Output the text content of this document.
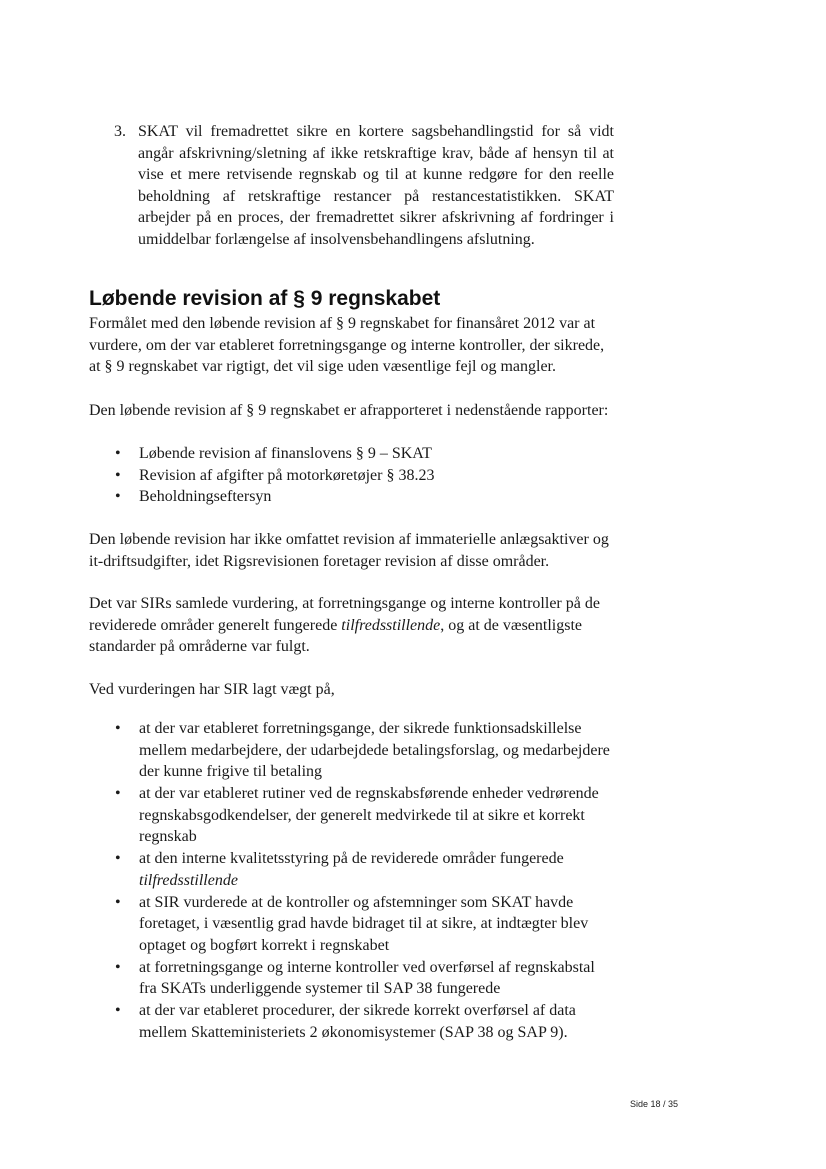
3. SKAT vil fremadrettet sikre en kortere sagsbehandlingstid for så vidt angår afskrivning/sletning af ikke retskraftige krav, både af hensyn til at vise et mere retvisende regnskab og til at kunne redgøre for den reelle beholdning af retskraftige restancer på restancestatistikken. SKAT arbejder på en proces, der fremadrettet sikrer afskrivning af fordringer i umiddelbar forlængelse af insolvensbehandlingens afslutning.
Løbende revision af § 9 regnskabet

Formålet med den løbende revision af § 9 regnskabet for finansåret 2012 var at vurdere, om der var etableret forretningsgange og interne kontroller, der sikrede, at § 9 regnskabet var rigtigt, det vil sige uden væsentlige fejl og mangler.

Den løbende revision af § 9 regnskabet er afrapporteret i nedenstående rapporter:

• Løbende revision af finanslovens § 9 – SKAT
• Revision af afgifter på motorkøretøjer § 38.23
• Beholdningseftersyn

Den løbende revision har ikke omfattet revision af immaterielle anlægsaktiver og it-driftsudgifter, idet Rigsrevisionen foretager revision af disse områder.

Det var SIRs samlede vurdering, at forretningsgange og interne kontroller på de reviderede områder generelt fungerede tilfredsstillende, og at de væsentligste standarder på områderne var fulgt.

Ved vurderingen har SIR lagt vægt på,

• at der var etableret forretningsgange, der sikrede funktionsadskillelse mellem medarbejdere, der udarbejdede betalingsforslag, og medarbejdere der kunne frigive til betaling
• at der var etableret rutiner ved de regnskabsførende enheder vedrørende regnskabsgodkendelser, der generelt medvirkede til at sikre et korrekt regnskab
• at den interne kvalitetsstyring på de reviderede områder fungerede tilfredsstillende
• at SIR vurderede at de kontroller og afstemninger som SKAT havde foretaget, i væsentlig grad havde bidraget til at sikre, at indtægter blev optaget og bogført korrekt i regnskabet
• at forretningsgange og interne kontroller ved overførsel af regnskabstal fra SKATs underliggende systemer til SAP 38 fungerede
• at der var etableret procedurer, der sikrede korrekt overførsel af data mellem Skatteministeriets 2 økonomisystemer (SAP 38 og SAP 9).
Side 18 / 35
